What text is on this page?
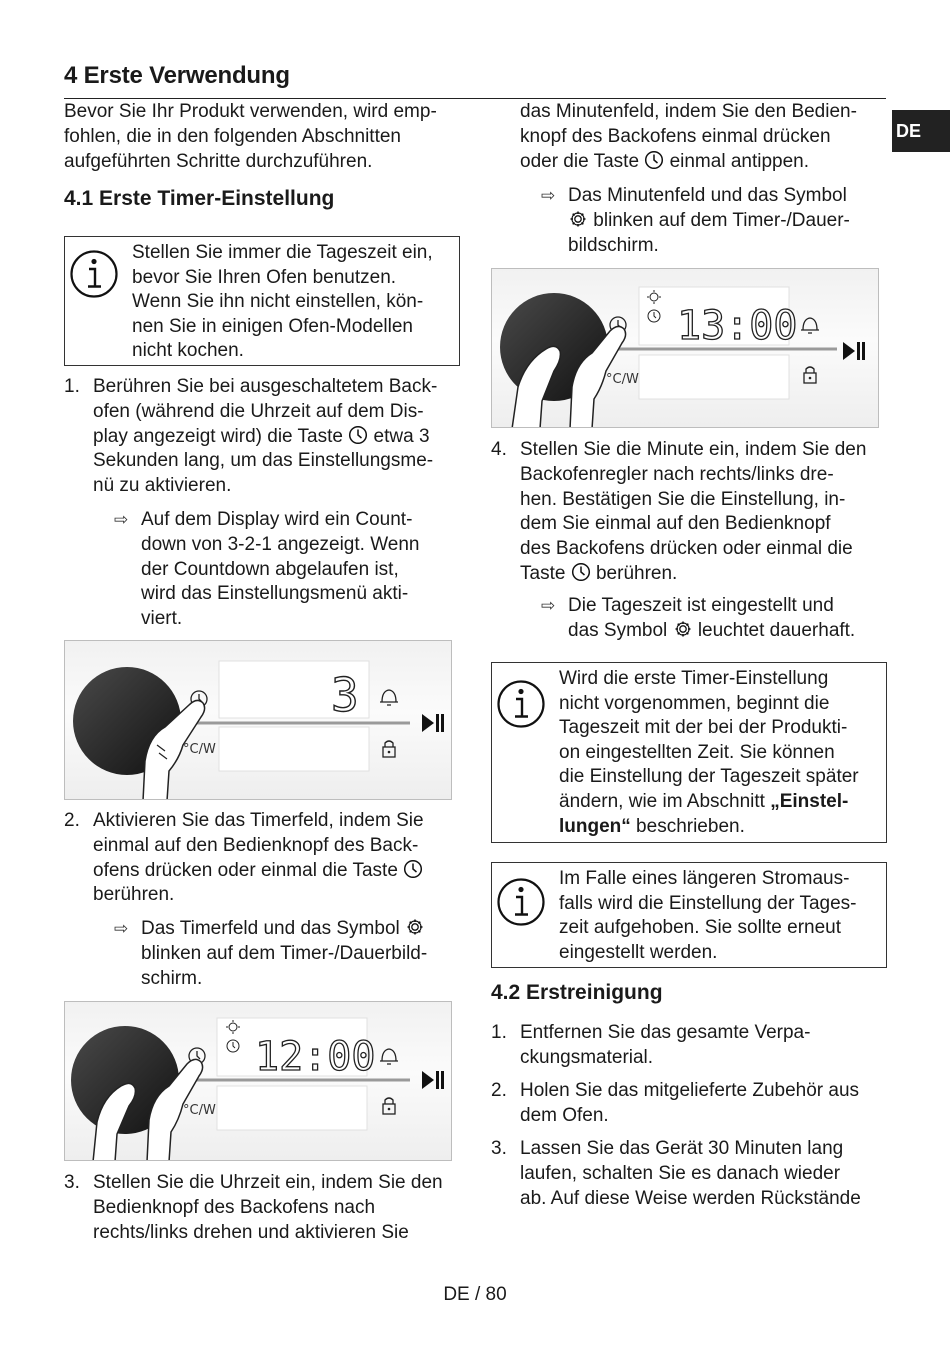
4 Erste Verwendung
DE
Bevor Sie Ihr Produkt verwenden, wird emp-
fohlen, die in den folgenden Abschnitten
aufgeführten Schritte durchzuführen.
4.1 Erste Timer-Einstellung
Stellen Sie immer die Tageszeit ein,
bevor Sie Ihren Ofen benutzen.
Wenn Sie ihn nicht einstellen, kön-
nen Sie in einigen Ofen-Modellen
nicht kochen.
1. Berühren Sie bei ausgeschaltetem Back-
ofen (während die Uhrzeit auf dem Dis-
play angezeigt wird) die Taste  etwa 3
Sekunden lang, um das Einstellungsme-
nü zu aktivieren.
⇨ Auf dem Display wird ein Count-
down von 3-2-1 angezeigt. Wenn
der Countdown abgelaufen ist,
wird das Einstellungsmenü akti-
viert.
3
°C/W
2. Aktivieren Sie das Timerfeld, indem Sie
einmal auf den Bedienknopf des Back-
ofens drücken oder einmal die Taste
berühren.
⇨ Das Timerfeld und das Symbol
blinken auf dem Timer-/Dauerbild-
schirm.
12:00
°C/W
3. Stellen Sie die Uhrzeit ein, indem Sie den
Bedienknopf des Backofens nach
rechts/links drehen und aktivieren Sie
das Minutenfeld, indem Sie den Bedien-
knopf des Backofens einmal drücken
oder die Taste  einmal antippen.
⇨ Das Minutenfeld und das Symbol
blinken auf dem Timer-/Dauer-
bildschirm.
13:00
°C/W
4. Stellen Sie die Minute ein, indem Sie den
Backofenregler nach rechts/links dre-
hen. Bestätigen Sie die Einstellung, in-
dem Sie einmal auf den Bedienknopf
des Backofens drücken oder einmal die
Taste  berühren.
⇨ Die Tageszeit ist eingestellt und
das Symbol  leuchtet dauerhaft.
Wird die erste Timer-Einstellung
nicht vorgenommen, beginnt die
Tageszeit mit der bei der Produkti-
on eingestellten Zeit. Sie können
die Einstellung der Tageszeit später
ändern, wie im Abschnitt „Einstel-
lungen“ beschrieben.
Im Falle eines längeren Stromaus-
falls wird die Einstellung der Tages-
zeit aufgehoben. Sie sollte erneut
eingestellt werden.
4.2 Erstreinigung
1. Entfernen Sie das gesamte Verpa-
ckungsmaterial.
2. Holen Sie das mitgelieferte Zubehör aus
dem Ofen.
3. Lassen Sie das Gerät 30 Minuten lang
laufen, schalten Sie es danach wieder
ab. Auf diese Weise werden Rückstände
DE / 80
